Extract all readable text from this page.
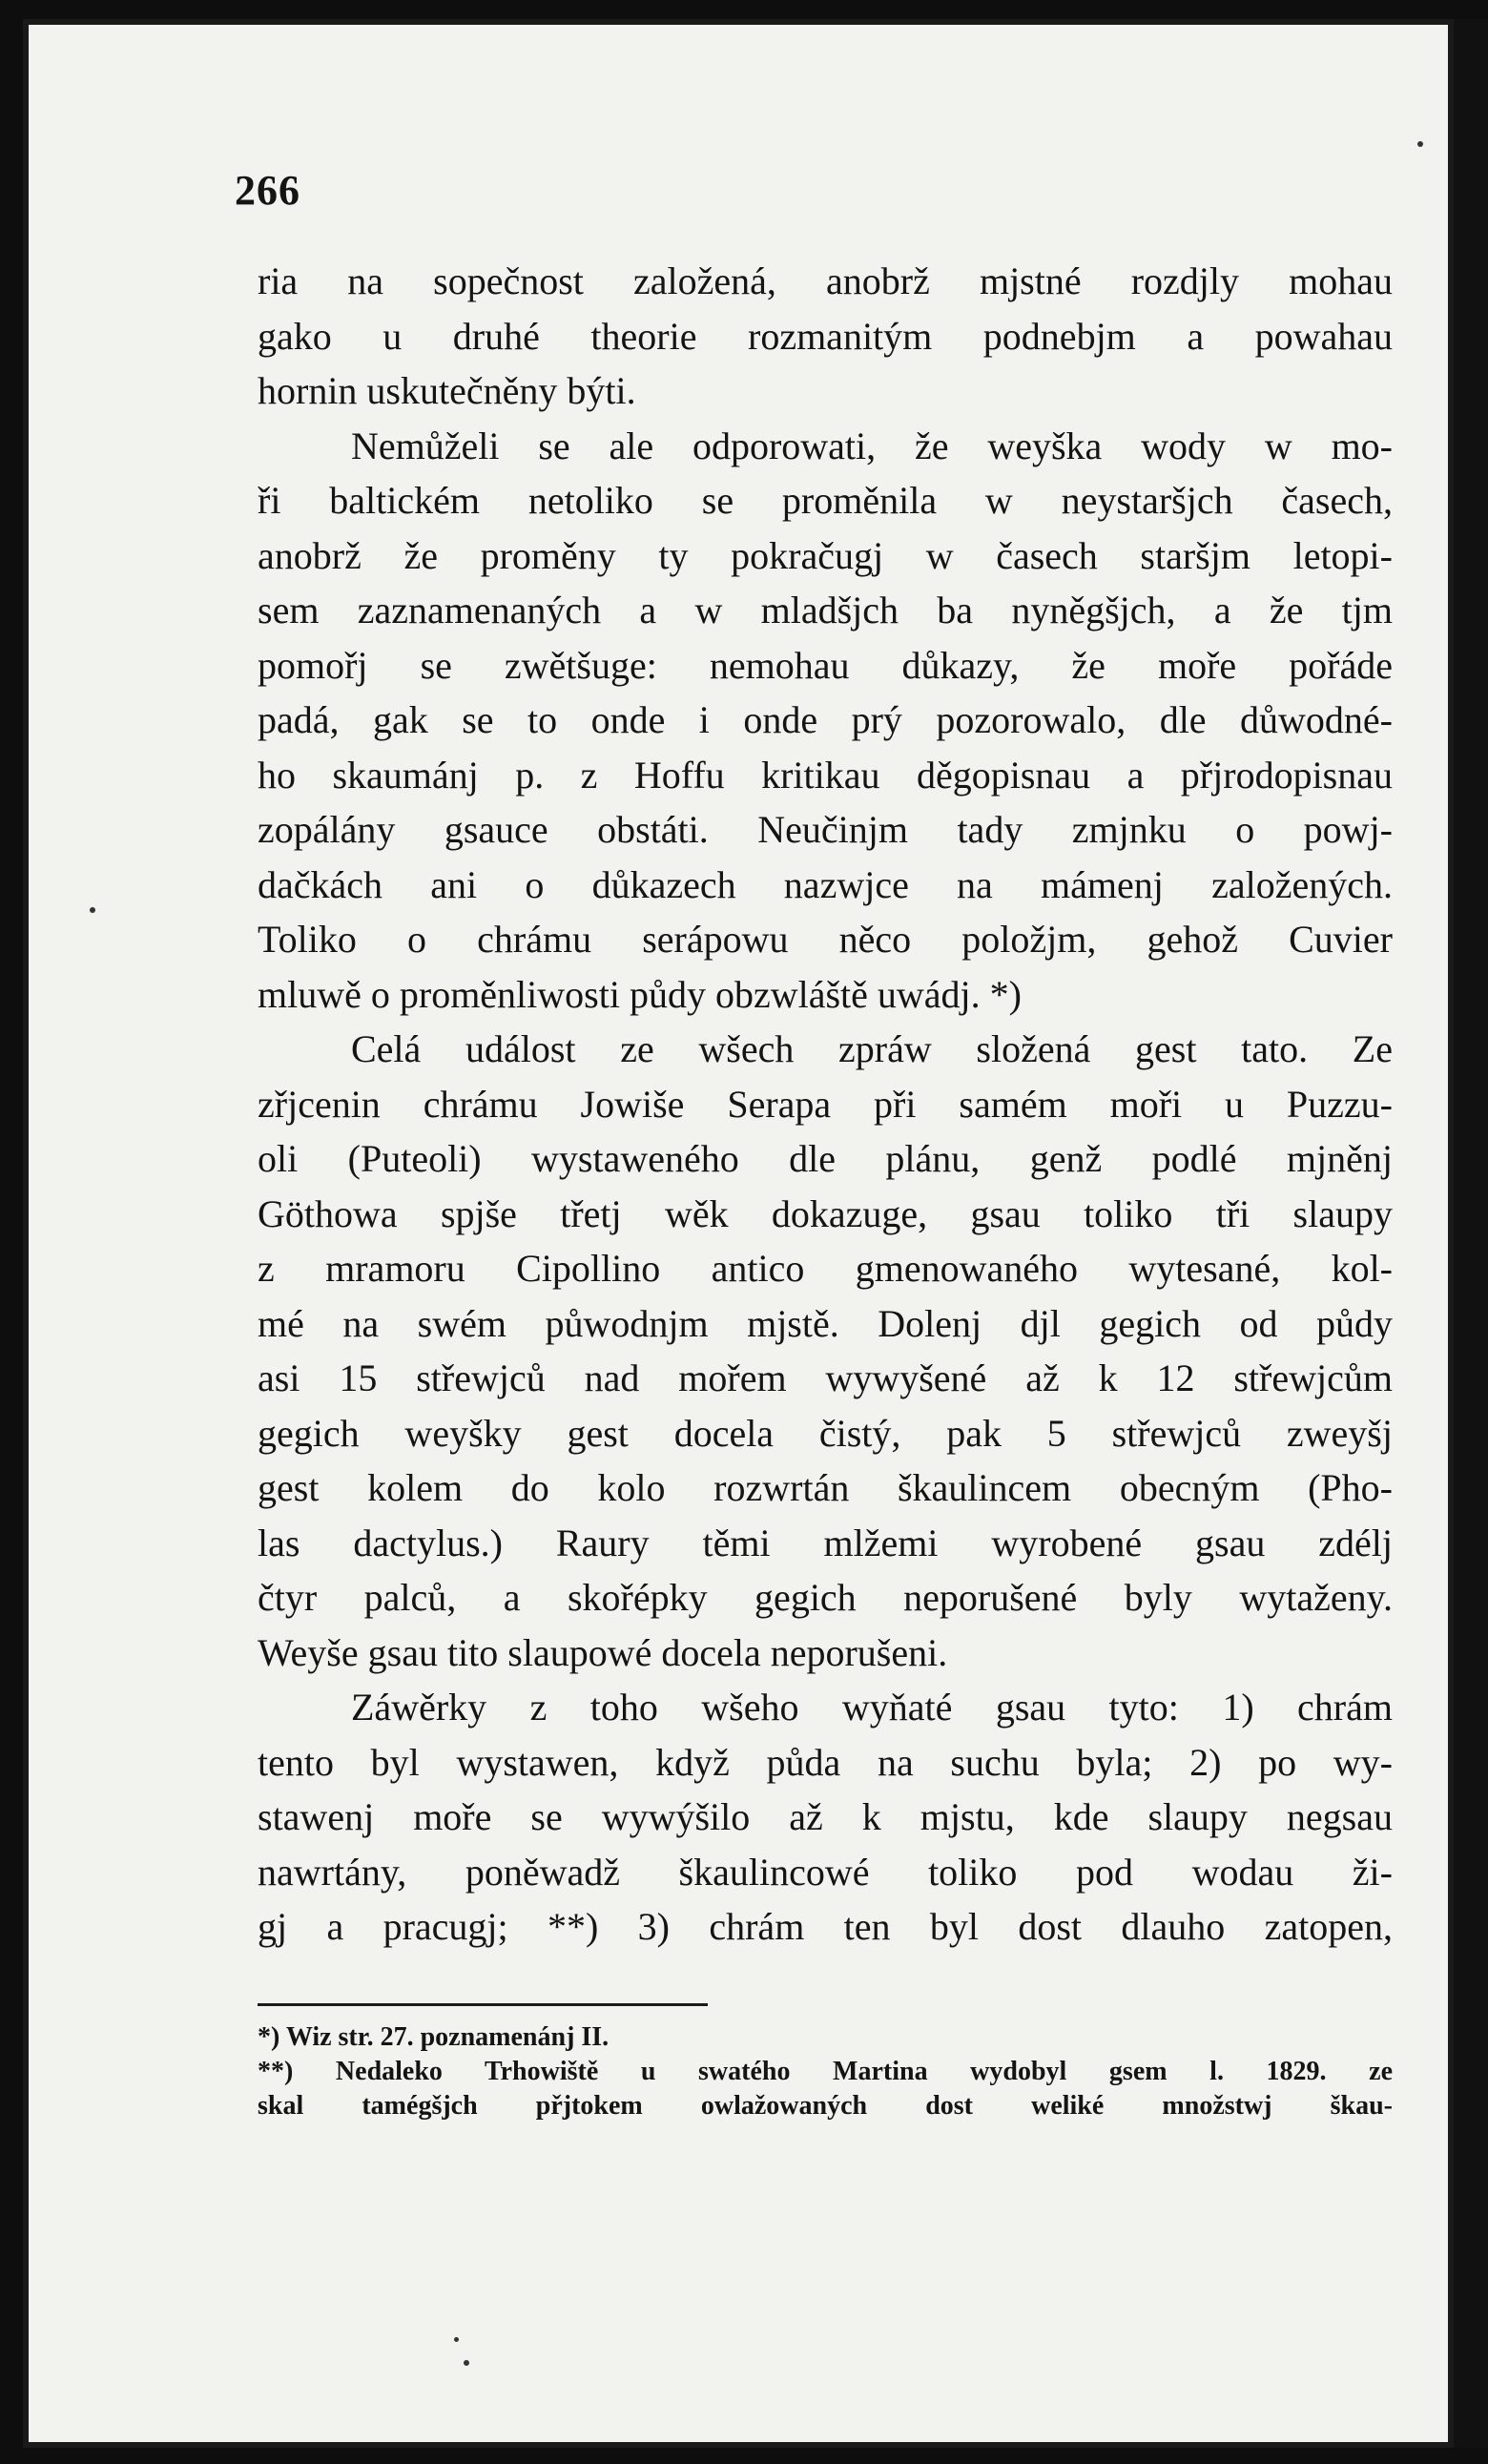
266
ria na sopečnost založená, anobrž mjstné rozdjly mohau
gako u druhé theorie rozmanitým podnebjm a powahau
hornin uskutečněny býti.
Nemůželi se ale odporowati, že weyška wody w mo-
ři baltickém netoliko se proměnila w neystaršjch časech,
anobrž že proměny ty pokračugj w časech staršjm letopi-
sem zaznamenaných a w mladšjch ba nyněgšjch, a že tjm
pomořj se zwětšuge: nemohau důkazy, že moře pořáde
padá, gak se to onde i onde prý pozorowalo, dle důwodné-
ho skaumánj p. z Hoffu kritikau děgopisnau a přjrodopisnau
zopálány gsauce obstáti. Neučinjm tady zmjnku o powj-
dačkách ani o důkazech nazwjce na mámenj založených.
Toliko o chrámu serápowu něco položjm, gehož Cuvier
mluwě o proměnliwosti půdy obzwláště uwádj. *)
Celá událost ze wšech zpráw složená gest tato. Ze
zřjcenin chrámu Jowiše Serapa při samém moři u Puzzu-
oli (Puteoli) wystaweného dle plánu, genž podlé mjněnj
Göthowa spjše třetj wěk dokazuge, gsau toliko tři slaupy
z mramoru Cipollino antico gmenowaného wytesané, kol-
mé na swém půwodnjm mjstě. Dolenj djl gegich od půdy
asi 15 střewjců nad mořem wywyšené až k 12 střewjcům
gegich weyšky gest docela čistý, pak 5 střewjců zweyšj
gest kolem do kolo rozwrtán škaulincem obecným (Pho-
las dactylus.) Raury těmi mlžemi wyrobené gsau zdélj
čtyr palců, a skořépky gegich neporušené byly wytaženy.
Weyše gsau tito slaupowé docela neporušeni.
Záwěrky z toho wšeho wyňaté gsau tyto: 1) chrám
tento byl wystawen, když půda na suchu byla; 2) po wy-
stawenj moře se wywýšilo až k mjstu, kde slaupy negsau
nawrtány, poněwadž škaulincowé toliko pod wodau ži-
gj a pracugj; **) 3) chrám ten byl dost dlauho zatopen,
*) Wiz str. 27. poznamenánj II.
**) Nedaleko Trhowiště u swatého Martina wydobyl gsem l. 1829. ze
skal tamégšjch přjtokem owlažowaných dost weliké množstwj škau-
